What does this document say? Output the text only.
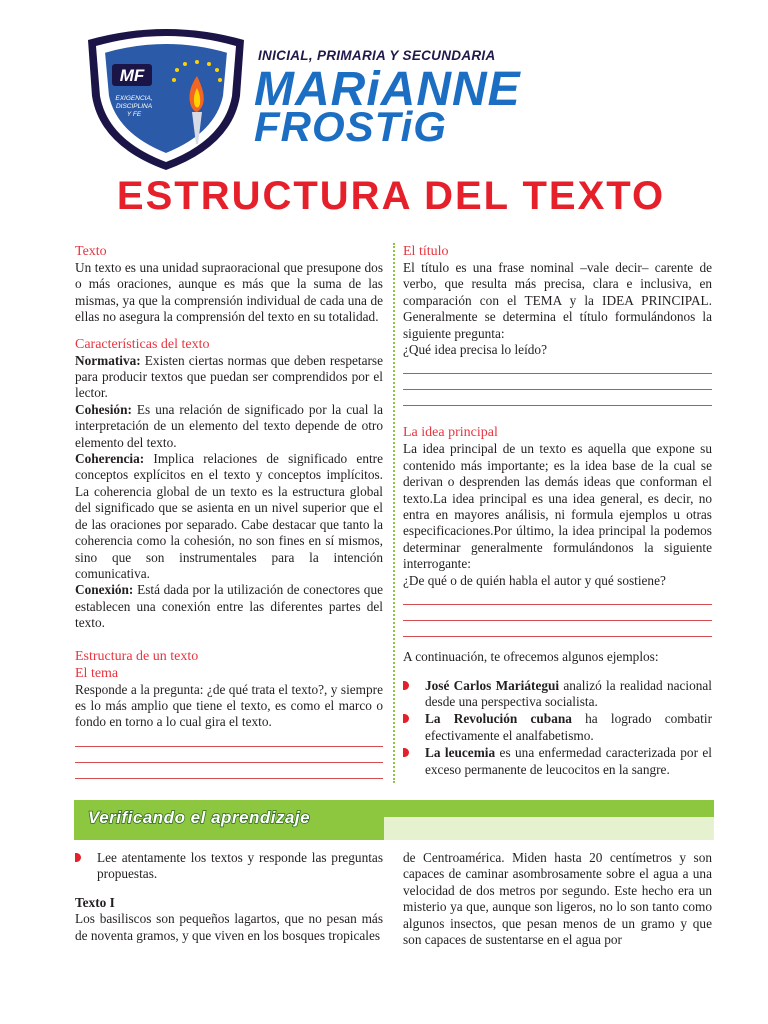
MF
EXIGENCIA,
DISCIPLINA
Y FE
INICIAL, PRIMARIA Y SECUNDARIA
MARiANNE
FROSTiG
ESTRUCTURA DEL TEXTO

Texto

Un texto es una unidad supraoracional que presupone dos o más oraciones, aunque es más que la suma de las mismas, ya que la comprensión individual de cada una de ellas no asegura la comprensión del texto en su totalidad.

Características del texto

Normativa: Existen ciertas normas que deben respetarse para producir textos que puedan ser comprendidos por el lector.

Cohesión: Es una relación de significado por la cual la interpretación de un elemento del texto depende de otro elemento del texto.

Coherencia: Implica relaciones de significado entre conceptos explícitos en el texto y conceptos implícitos. La coherencia global de un texto es la estructura global del significado que se asienta en un nivel superior que el de las oraciones por separado. Cabe destacar que tanto la coherencia como la cohesión, no son fines en sí mismos, sino que son instrumentales para la intención comunicativa.

Conexión: Está dada por la utilización de conectores que establecen una conexión entre las diferentes partes del texto.

Estructura de un texto

El tema

Responde a la pregunta: ¿de qué trata el texto?, y siempre es lo más amplio que tiene el texto, es como el marco o fondo en torno a lo cual gira el texto.

El título

El título es una frase nominal –vale decir– carente de verbo, que resulta más precisa, clara e inclusiva, en comparación con el TEMA y la IDEA PRINCIPAL. Generalmente se determina el título formulándonos la siguiente pregunta:

¿Qué idea precisa lo leído?

La idea principal

La idea principal de un texto es aquella que expone su contenido más importante; es la idea base de la cual se derivan o desprenden las demás ideas que conforman el texto.La idea principal es una idea general, es decir, no entra en mayores análisis, ni formula ejemplos u otras especificaciones.Por último, la idea principal la podemos determinar generalmente formulándonos la siguiente interrogante:

¿De qué o de quién habla el autor y qué sostiene?

A continuación, te ofrecemos algunos ejemplos:

José Carlos Mariátegui analizó la realidad nacional desde una perspectiva socialista.
La Revolución cubana ha logrado combatir efectivamente el analfabetismo.
La leucemia es una enfermedad caracterizada por el exceso permanente de leucocitos en la sangre.
Verificando el aprendizaje
Lee atentamente los textos y responde las preguntas propuestas.

Texto I

Los basiliscos son pequeños lagartos, que no pesan más de noventa gramos, y que viven en los bosques tropicales

de Centroamérica. Miden hasta 20 centímetros y son capaces de caminar asombrosamente sobre el agua a una velocidad de dos metros por segundo. Este hecho era un misterio ya que, aunque son ligeros, no lo son tanto como algunos insectos, que pesan menos de un gramo y que son capaces de sustentarse en el agua por
